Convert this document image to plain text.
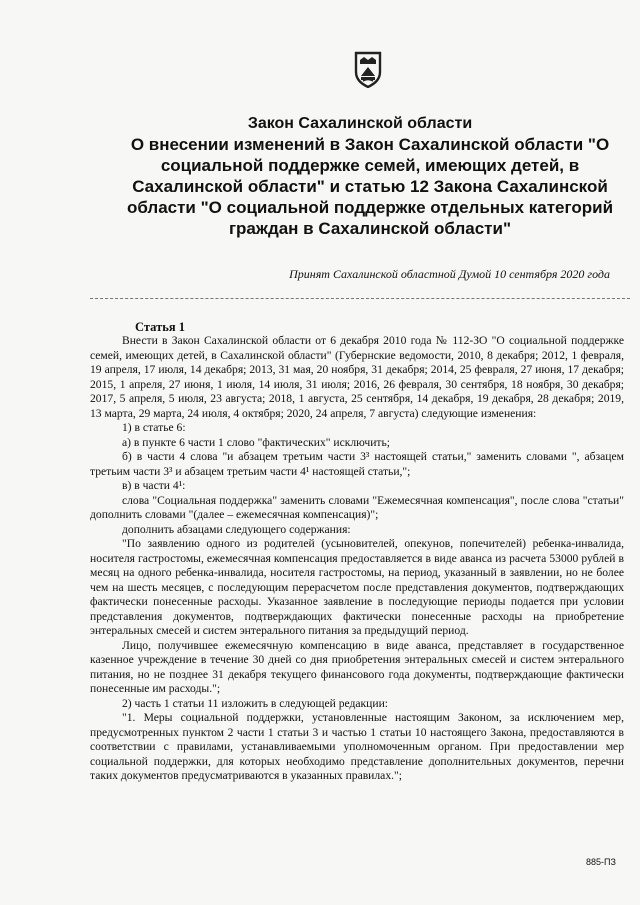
Закон Сахалинской области
О внесении изменений в Закон Сахалинской области "О социальной поддержке семей, имеющих детей, в Сахалинской области" и статью 12 Закона Сахалинской области "О социальной поддержке отдельных категорий граждан в Сахалинской области"
Принят Сахалинской областной Думой 10 сентября 2020 года
Статья 1

Внести в Закон Сахалинской области от 6 декабря 2010 года № 112-ЗО "О социальной поддержке семей, имеющих детей, в Сахалинской области" (Губернские ведомости, 2010, 8 декабря; 2012, 1 февраля, 19 апреля, 17 июля, 14 декабря; 2013, 31 мая, 20 ноября, 31 декабря; 2014, 25 февраля, 27 июня, 17 декабря; 2015, 1 апреля, 27 июня, 1 июля, 14 июля, 31 июля; 2016, 26 февраля, 30 сентября, 18 ноября, 30 декабря; 2017, 5 апреля, 5 июля, 23 августа; 2018, 1 августа, 25 сентября, 14 декабря, 19 декабря, 28 декабря; 2019, 13 марта, 29 марта, 24 июля, 4 октября; 2020, 24 апреля, 7 августа) следующие изменения:

1) в статье 6:

а) в пункте 6 части 1 слово "фактических" исключить;

б) в части 4 слова "и абзацем третьим части 3³ настоящей статьи," заменить словами ", абзацем третьим части 3³ и абзацем третьим части 4¹ настоящей статьи,";

в) в части 4¹:

слова "Социальная поддержка" заменить словами "Ежемесячная компенсация", после слова "статьи" дополнить словами "(далее – ежемесячная компенсация)";

дополнить абзацами следующего содержания:

"По заявлению одного из родителей (усыновителей, опекунов, попечителей) ребенка-инвалида, носителя гастростомы, ежемесячная компенсация предоставляется в виде аванса из расчета 53000 рублей в месяц на одного ребенка-инвалида, носителя гастростомы, на период, указанный в заявлении, но не более чем на шесть месяцев, с последующим перерасчетом после представления документов, подтверждающих фактически понесенные расходы. Указанное заявление в последующие периоды подается при условии представления документов, подтверждающих фактически понесенные расходы на приобретение энтеральных смесей и систем энтерального питания за предыдущий период.

Лицо, получившее ежемесячную компенсацию в виде аванса, представляет в государственное казенное учреждение в течение 30 дней со дня приобретения энтеральных смесей и систем энтерального питания, но не позднее 31 декабря текущего финансового года документы, подтверждающие фактически понесенные им расходы.";

2) часть 1 статьи 11 изложить в следующей редакции:

"1. Меры социальной поддержки, установленные настоящим Законом, за исключением мер, предусмотренных пунктом 2 части 1 статьи 3 и частью 1 статьи 10 настоящего Закона, предоставляются в соответствии с правилами, устанавливаемыми уполномоченным органом. При предоставлении мер социальной поддержки, для которых необходимо представление дополнительных документов, перечни таких документов предусматриваются в указанных правилах.";

885-ПЗ
